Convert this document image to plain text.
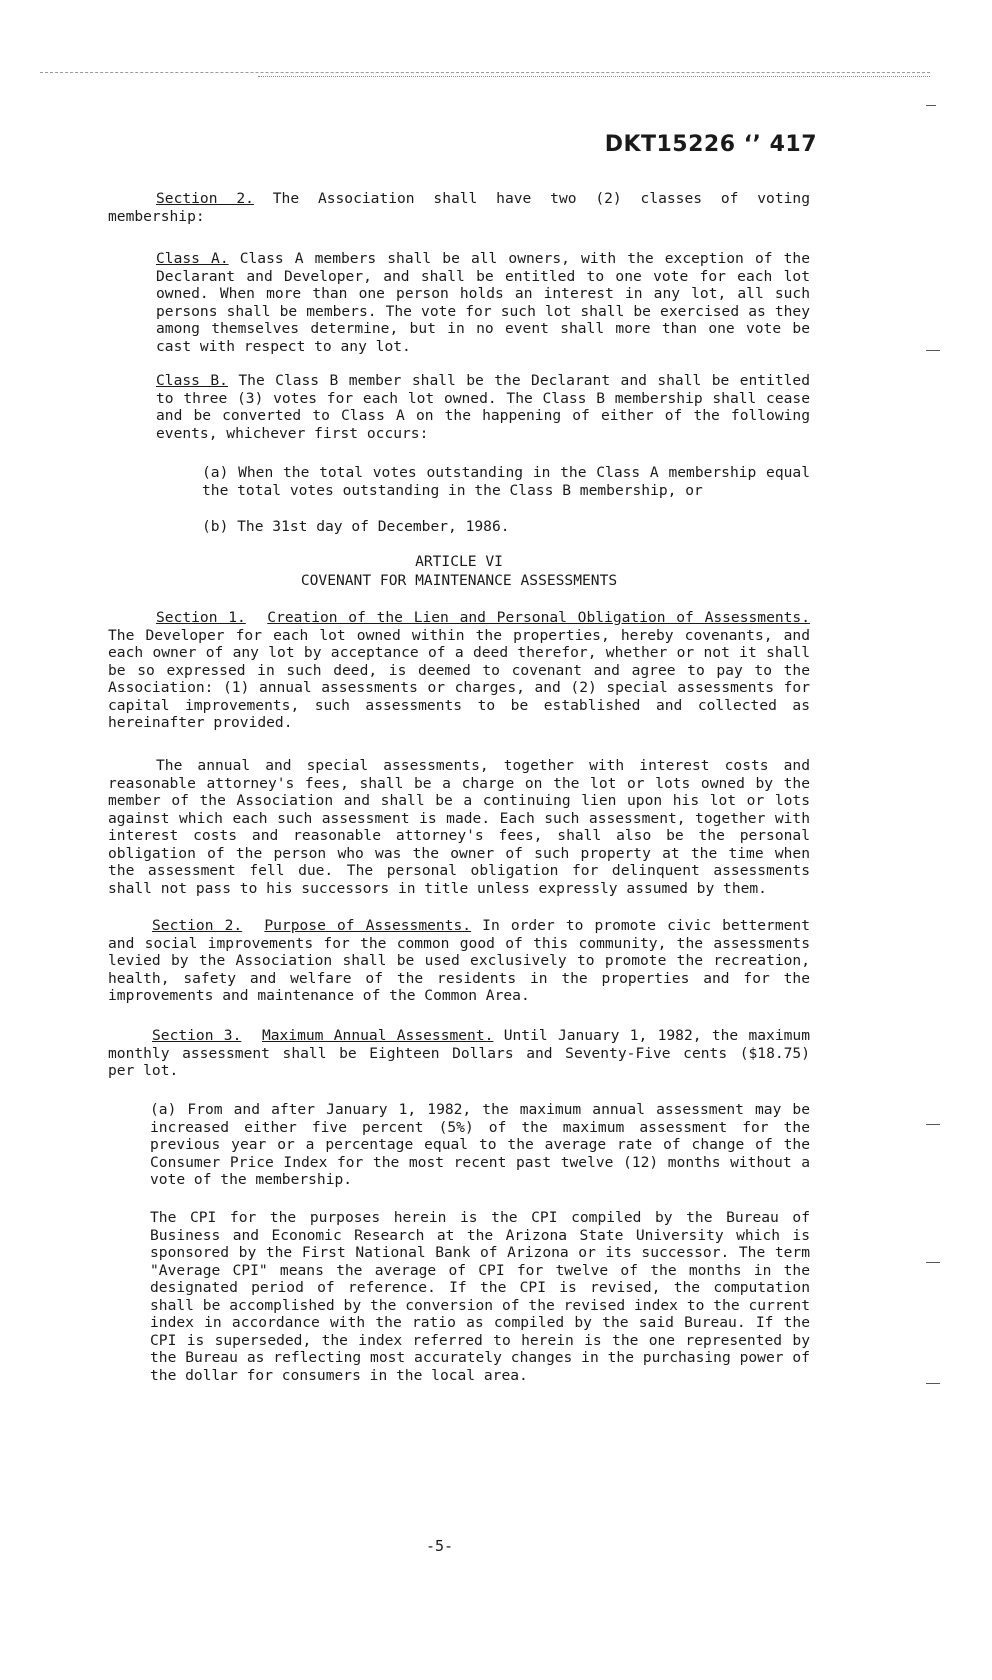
DKT15226 ‘’ 417

Section 2. The Association shall have two (2) classes of voting membership:

Class A. Class A members shall be all owners, with the exception of the Declarant and Developer, and shall be entitled to one vote for each lot owned. When more than one person holds an interest in any lot, all such persons shall be members. The vote for such lot shall be exercised as they among themselves determine, but in no event shall more than one vote be cast with respect to any lot.

Class B. The Class B member shall be the Declarant and shall be entitled to three (3) votes for each lot owned. The Class B membership shall cease and be converted to Class A on the happening of either of the following events, whichever first occurs:

(a) When the total votes outstanding in the Class A membership equal the total votes outstanding in the Class B membership, or

(b) The 31st day of December, 1986.

ARTICLE VI
COVENANT FOR MAINTENANCE ASSESSMENTS

Section 1. Creation of the Lien and Personal Obligation of Assessments. The Developer for each lot owned within the properties, hereby covenants, and each owner of any lot by acceptance of a deed therefor, whether or not it shall be so expressed in such deed, is deemed to covenant and agree to pay to the Association: (1) annual assessments or charges, and (2) special assessments for capital improvements, such assessments to be established and collected as hereinafter provided.

The annual and special assessments, together with interest costs and reasonable attorney's fees, shall be a charge on the lot or lots owned by the member of the Association and shall be a continuing lien upon his lot or lots against which each such assessment is made. Each such assessment, together with interest costs and reasonable attorney's fees, shall also be the personal obligation of the person who was the owner of such property at the time when the assessment fell due. The personal obligation for delinquent assessments shall not pass to his successors in title unless expressly assumed by them.

Section 2. Purpose of Assessments. In order to promote civic betterment and social improvements for the common good of this community, the assessments levied by the Association shall be used exclusively to promote the recreation, health, safety and welfare of the residents in the properties and for the improvements and maintenance of the Common Area.

Section 3. Maximum Annual Assessment. Until January 1, 1982, the maximum monthly assessment shall be Eighteen Dollars and Seventy-Five cents ($18.75) per lot.

(a) From and after January 1, 1982, the maximum annual assessment may be increased either five percent (5%) of the maximum assessment for the previous year or a percentage equal to the average rate of change of the Consumer Price Index for the most recent past twelve (12) months without a vote of the membership.

The CPI for the purposes herein is the CPI compiled by the Bureau of Business and Economic Research at the Arizona State University which is sponsored by the First National Bank of Arizona or its successor. The term "Average CPI" means the average of CPI for twelve of the months in the designated period of reference. If the CPI is revised, the computation shall be accomplished by the conversion of the revised index to the current index in accordance with the ratio as compiled by the said Bureau. If the CPI is superseded, the index referred to herein is the one represented by the Bureau as reflecting most accurately changes in the purchasing power of the dollar for consumers in the local area.

-5-
